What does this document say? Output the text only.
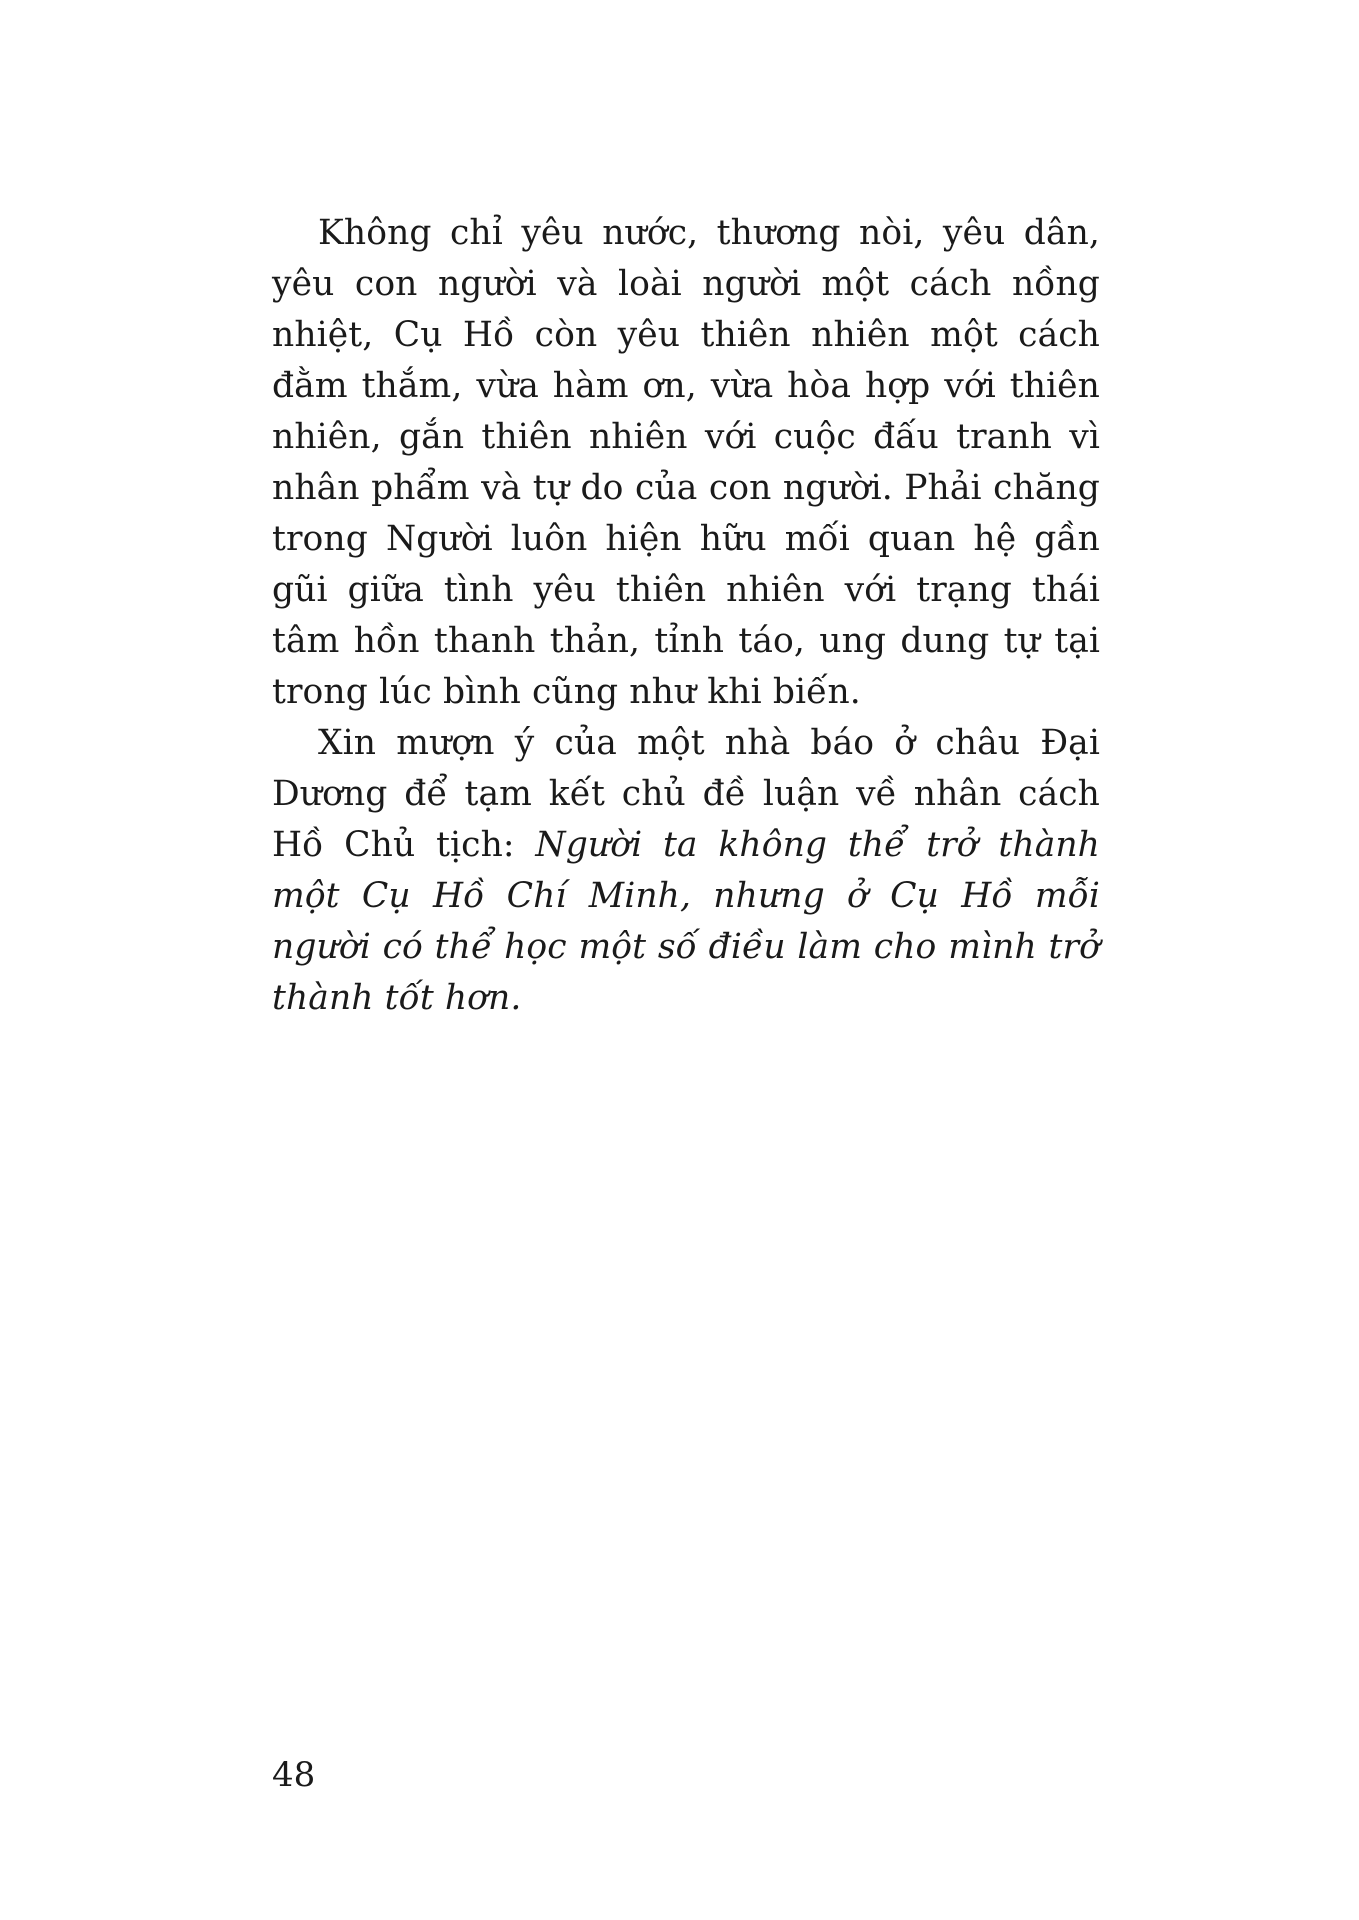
Không chỉ yêu nước, thương nòi, yêu dân, yêu con người và loài người một cách nồng nhiệt, Cụ Hồ còn yêu thiên nhiên một cách đằm thắm, vừa hàm ơn, vừa hòa hợp với thiên nhiên, gắn thiên nhiên với cuộc đấu tranh vì nhân phẩm và tự do của con người. Phải chăng trong Người luôn hiện hữu mối quan hệ gần gũi giữa tình yêu thiên nhiên với trạng thái tâm hồn thanh thản, tỉnh táo, ung dung tự tại trong lúc bình cũng như khi biến.

Xin mượn ý của một nhà báo ở châu Đại Dương để tạm kết chủ đề luận về nhân cách Hồ Chủ tịch: Người ta không thể trở thành một Cụ Hồ Chí Minh, nhưng ở Cụ Hồ mỗi người có thể học một số điều làm cho mình trở thành tốt hơn.

48
